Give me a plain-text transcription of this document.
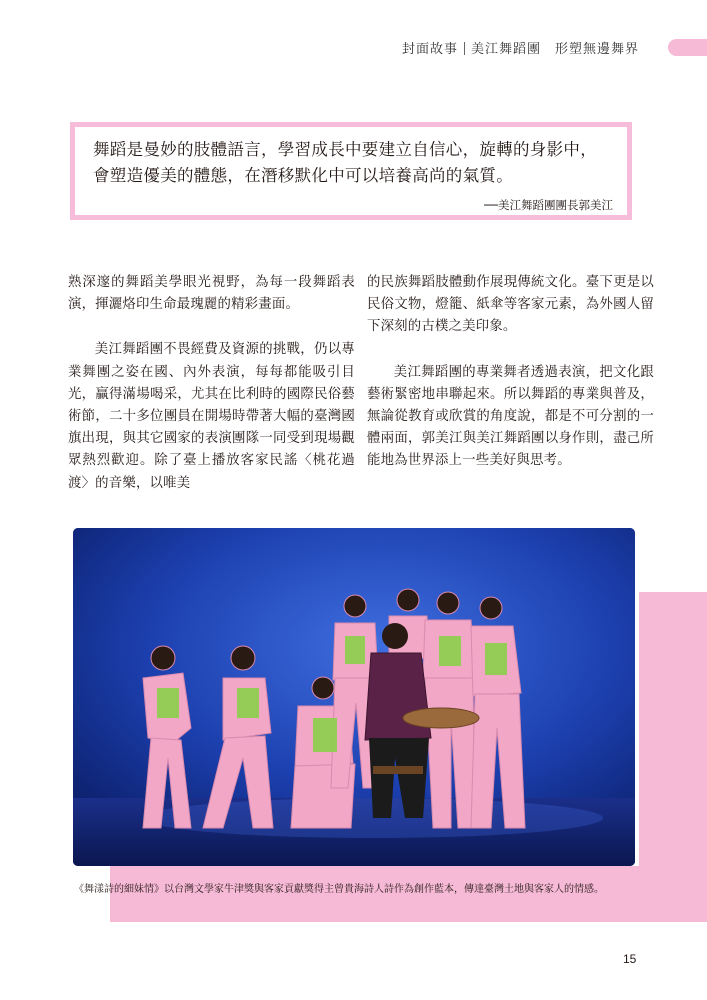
封面故事 美江舞蹈團 形塑無邊舞界
舞蹈是曼妙的肢體語言，學習成長中要建立自信心，旋轉的身影中，
會塑造優美的體態，在潛移默化中可以培養高尚的氣質。
──美江舞蹈團團長郭美江

熟深邃的舞蹈美學眼光視野，為每一段舞蹈表演，揮灑烙印生命最瑰麗的精彩畫面。

美江舞蹈團不畏經費及資源的挑戰，仍以專業舞團之姿在國、內外表演，每每都能吸引目光，贏得滿場喝采，尤其在比利時的國際民俗藝術節，二十多位團員在開場時帶著大幅的臺灣國旗出現，與其它國家的表演團隊一同受到現場觀眾熱烈歡迎。除了臺上播放客家民謠〈桃花過渡〉的音樂，以唯美

的民族舞蹈肢體動作展現傳統文化。臺下更是以民俗文物，燈籠、紙傘等客家元素，為外國人留下深刻的古樸之美印象。

美江舞蹈團的專業舞者透過表演，把文化跟藝術緊密地串聯起來。所以舞蹈的專業與普及，無論從教育或欣賞的角度說，都是不可分割的一體兩面，郭美江與美江舞蹈團以身作則，盡己所能地為世界添上一些美好與思考。

《舞漾詩的細妹情》以台灣文學家牛津獎與客家貢獻獎得主曾貴海詩人詩作為創作藍本，傳達臺灣土地與客家人的情感。
15
